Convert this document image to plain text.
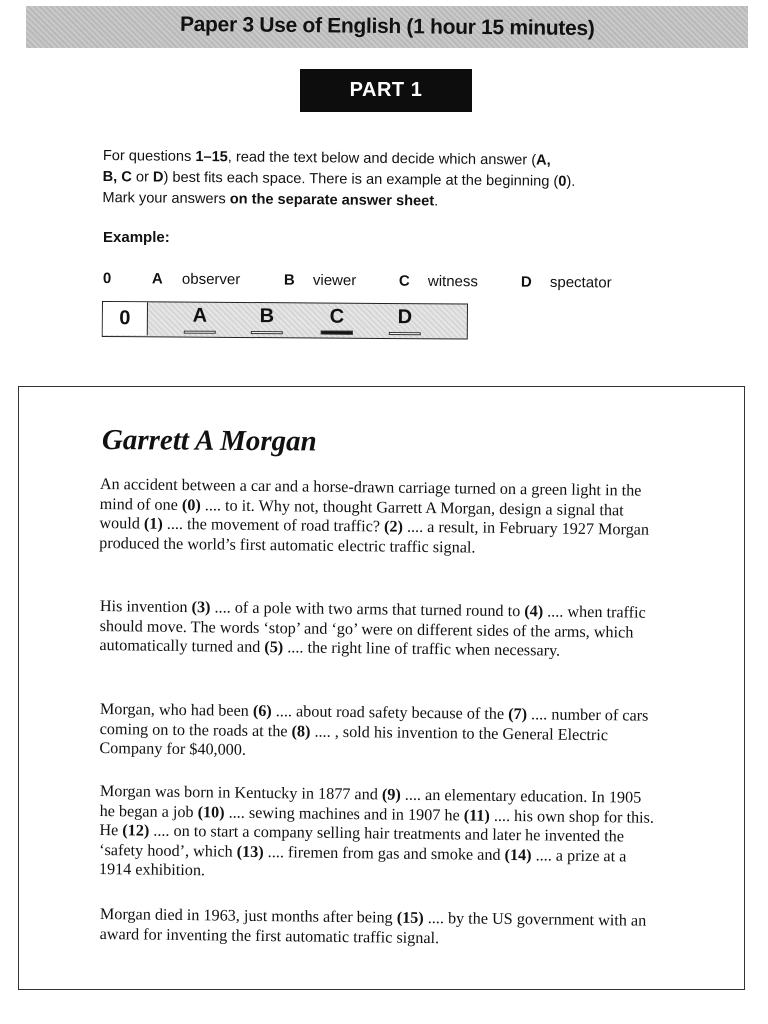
Paper 3 Use of English (1 hour 15 minutes)
PART 1
For questions 1–15, read the text below and decide which answer (A,
B, C or D) best fits each space. There is an example at the beginning (0).
Mark your answers on the separate answer sheet.
Example:
0	A observer	B viewer	C witness	D spectator
0	A	B	C	D
Garrett A Morgan

An accident between a car and a horse-drawn carriage turned on a green light in the mind of one (0) .... to it. Why not, thought Garrett A Morgan, design a signal that would (1) .... the movement of road traffic? (2) .... a result, in February 1927 Morgan produced the world’s first automatic electric traffic signal.

His invention (3) .... of a pole with two arms that turned round to (4) .... when traffic should move. The words ‘stop’ and ‘go’ were on different sides of the arms, which automatically turned and (5) .... the right line of traffic when necessary.

Morgan, who had been (6) .... about road safety because of the (7) .... number of cars coming on to the roads at the (8) .... , sold his invention to the General Electric Company for $40,000.

Morgan was born in Kentucky in 1877 and (9) .... an elementary education. In 1905 he began a job (10) .... sewing machines and in 1907 he (11) .... his own shop for this. He (12) .... on to start a company selling hair treatments and later he invented the ‘safety hood’, which (13) .... firemen from gas and smoke and (14) .... a prize at a 1914 exhibition.

Morgan died in 1963, just months after being (15) .... by the US government with an award for inventing the first automatic traffic signal.
